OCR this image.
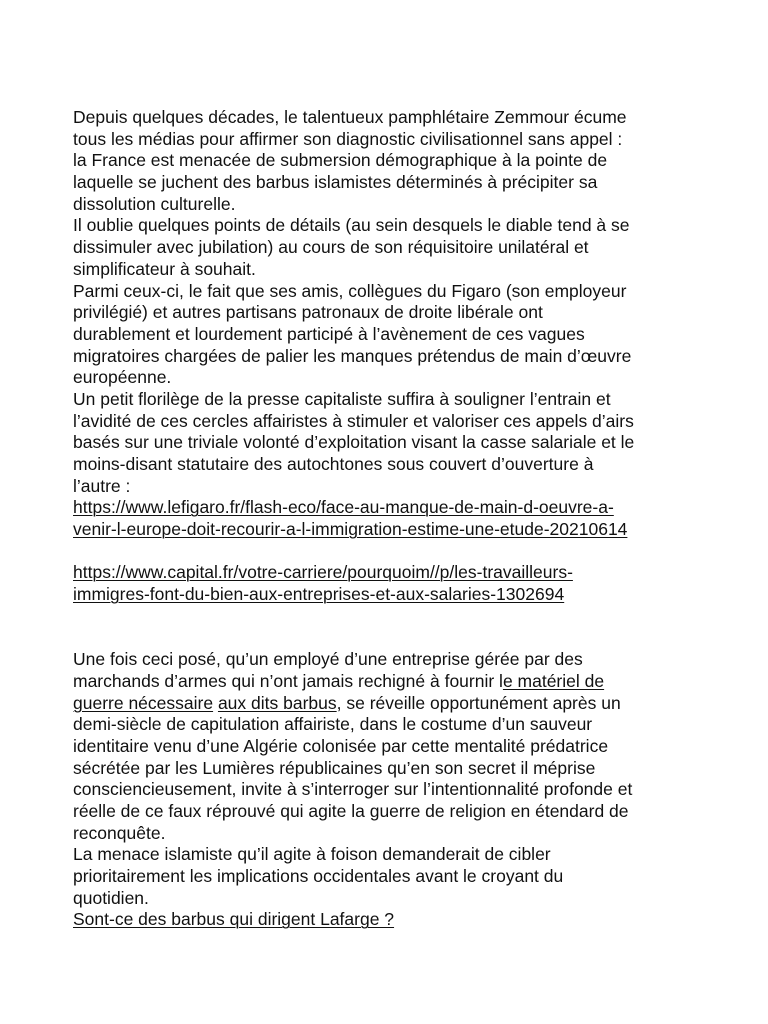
Depuis quelques décades, le talentueux pamphlétaire Zemmour écume
tous les médias pour affirmer son diagnostic civilisationnel sans appel :
la France est menacée de submersion démographique à la pointe de
laquelle se juchent des barbus islamistes déterminés à précipiter sa
dissolution culturelle.
Il oublie quelques points de détails (au sein desquels le diable tend à se
dissimuler avec jubilation) au cours de son réquisitoire unilatéral et
simplificateur à souhait.
Parmi ceux-ci, le fait que ses amis, collègues du Figaro (son employeur
privilégié) et autres partisans patronaux de droite libérale ont
durablement et lourdement participé à l’avènement de ces vagues
migratoires chargées de palier les manques prétendus de main d’œuvre
européenne.
Un petit florilège de la presse capitaliste suffira à souligner l’entrain et
l’avidité de ces cercles affairistes à stimuler et valoriser ces appels d’airs
basés sur une triviale volonté d’exploitation visant la casse salariale et le
moins-disant statutaire des autochtones sous couvert d’ouverture à
l’autre :
https://www.lefigaro.fr/flash-eco/face-au-manque-de-main-d-oeuvre-a-
venir-l-europe-doit-recourir-a-l-immigration-estime-une-etude-20210614
https://www.capital.fr/votre-carriere/pourquoim//p/les-travailleurs-
immigres-font-du-bien-aux-entreprises-et-aux-salaries-1302694
Une fois ceci posé, qu’un employé d’une entreprise gérée par des
marchands d’armes qui n’ont jamais rechigné à fournir le matériel de
guerre nécessaire aux dits barbus, se réveille opportunément après un
demi-siècle de capitulation affairiste, dans le costume d’un sauveur
identitaire venu d’une Algérie colonisée par cette mentalité prédatrice
sécrétée par les Lumières républicaines qu’en son secret il méprise
consciencieusement, invite à s’interroger sur l’intentionnalité profonde et
réelle de ce faux réprouvé qui agite la guerre de religion en étendard de
reconquête.
La menace islamiste qu’il agite à foison demanderait de cibler
prioritairement les implications occidentales avant le croyant du
quotidien.
Sont-ce des barbus qui dirigent Lafarge ?
